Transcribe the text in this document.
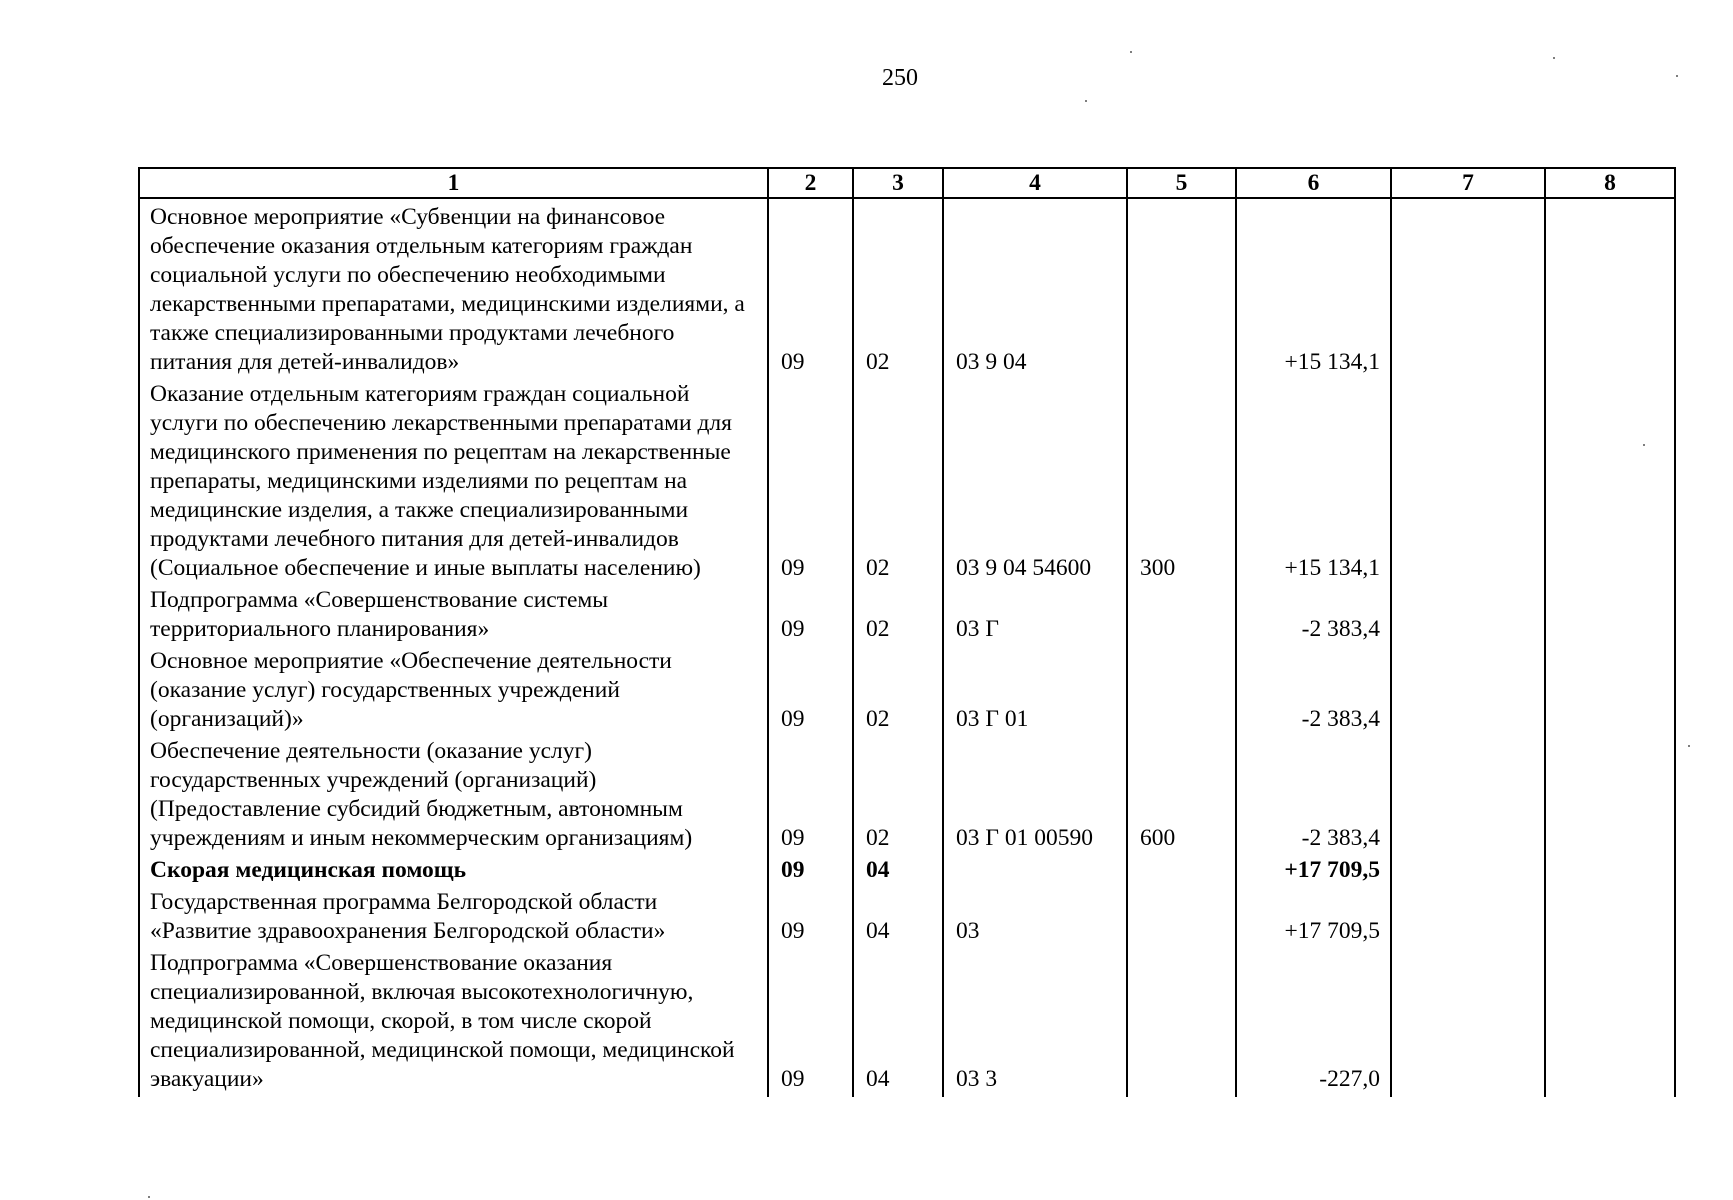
250
1	2	3	4	5	6	7	8
Основное мероприятие «Субвенции на финансовое обеспечение оказания отдельным категориям граждан социальной услуги по обеспечению необходимыми лекарственными препаратами, медицинскими изделиями, а также специализированными продуктами лечебного питания для детей-инвалидов»	09	02	03 9 04		+15 134,1		
Оказание отдельным категориям граждан социальной услуги по обеспечению лекарственными препаратами для медицинского применения по рецептам на лекарственные препараты, медицинскими изделиями по рецептам на медицинские изделия, а также специализированными продуктами лечебного питания для детей-инвалидов (Социальное обеспечение и иные выплаты населению)	09	02	03 9 04 54600	300	+15 134,1		
Подпрограмма «Совершенствование системы территориального планирования»	09	02	03 Г		-2 383,4		
Основное мероприятие «Обеспечение деятельности (оказание услуг) государственных учреждений (организаций)»	09	02	03 Г 01		-2 383,4		
Обеспечение деятельности (оказание услуг) государственных учреждений (организаций) (Предоставление субсидий бюджетным, автономным учреждениям и иным некоммерческим организациям)	09	02	03 Г 01 00590	600	-2 383,4		
Скорая медицинская помощь	09	04			+17 709,5		
Государственная программа Белгородской области «Развитие здравоохранения Белгородской области»	09	04	03		+17 709,5		
Подпрограмма «Совершенствование оказания специализированной, включая высокотехнологичную, медицинской помощи, скорой, в том числе скорой специализированной, медицинской помощи, медицинской эвакуации»	09	04	03 3		-227,0		
